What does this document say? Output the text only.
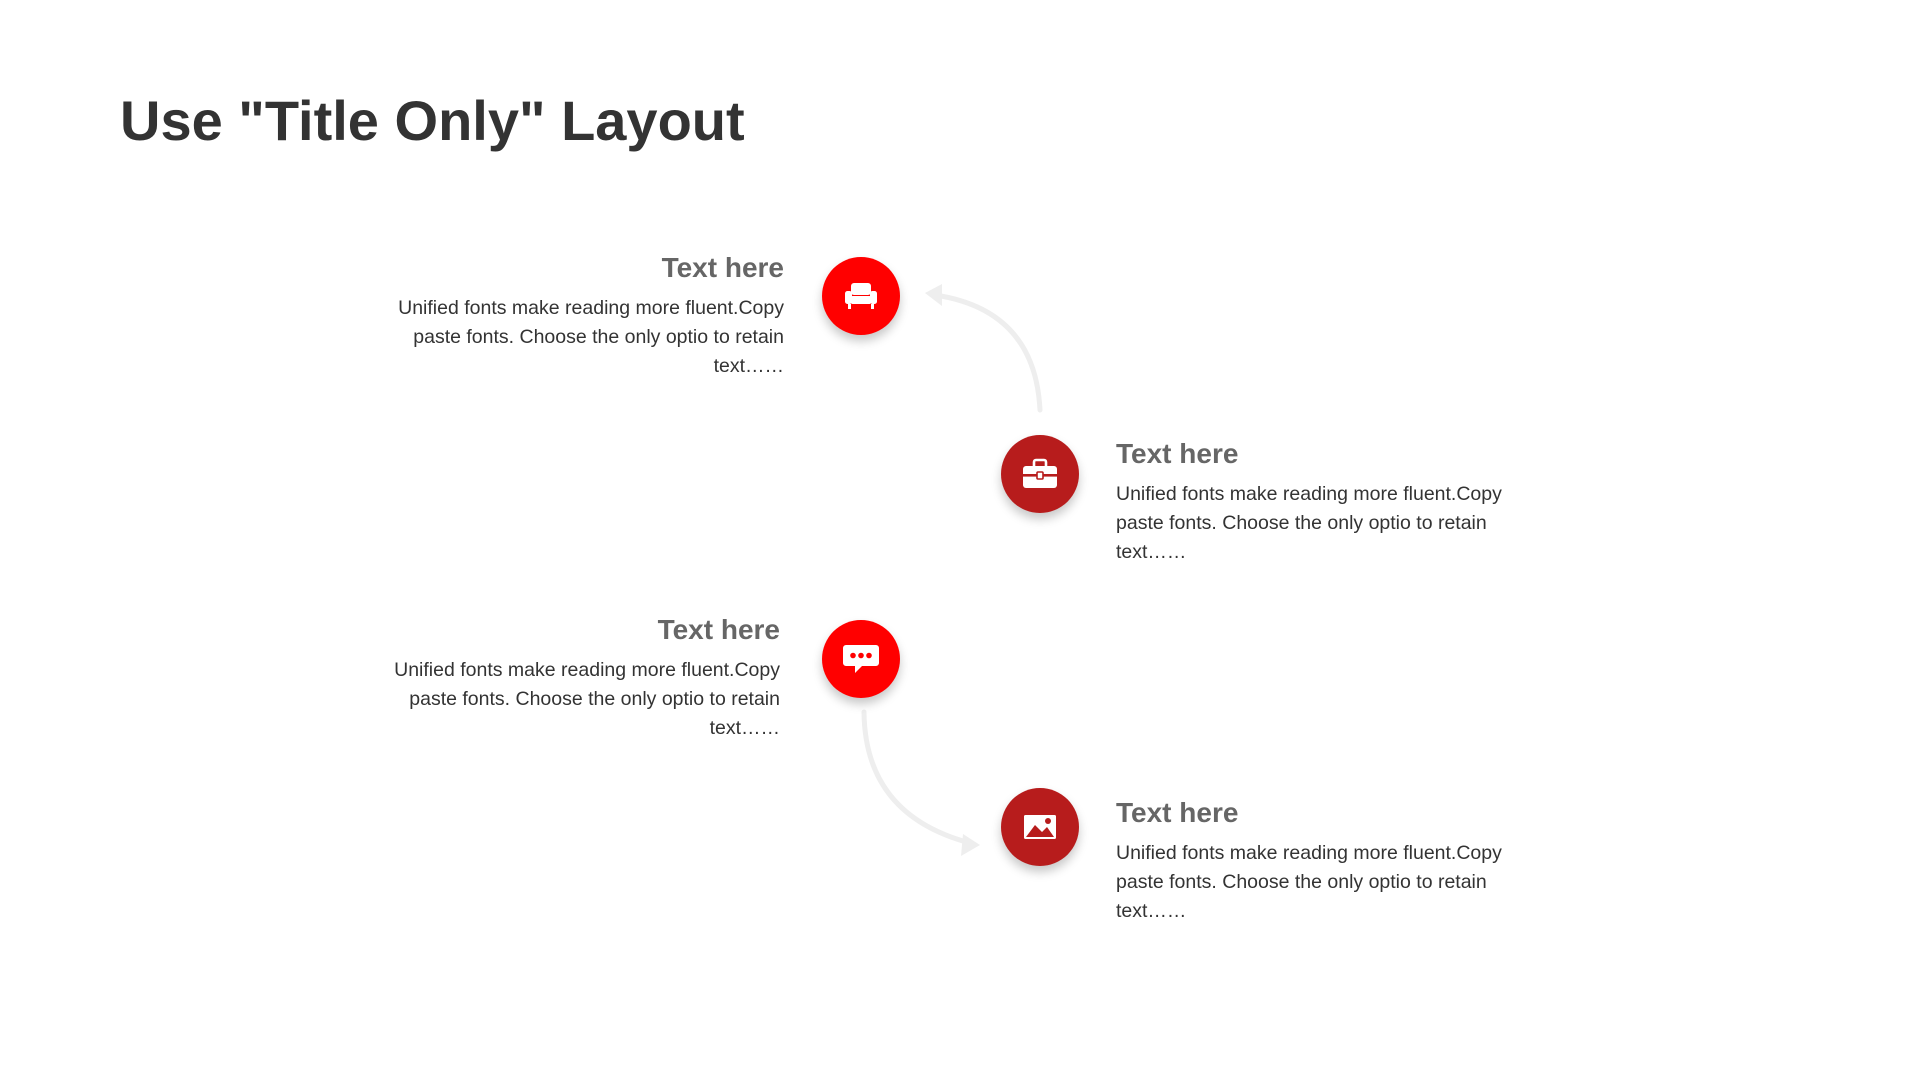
Use "Title Only" Layout
Text here

Unified fonts make reading more fluent.Copy paste fonts. Choose the only optio to retain text……

Text here

Unified fonts make reading more fluent.Copy paste fonts. Choose the only optio to retain text……

Text here

Unified fonts make reading more fluent.Copy paste fonts. Choose the only optio to retain text……

Text here

Unified fonts make reading more fluent.Copy paste fonts. Choose the only optio to retain text……
